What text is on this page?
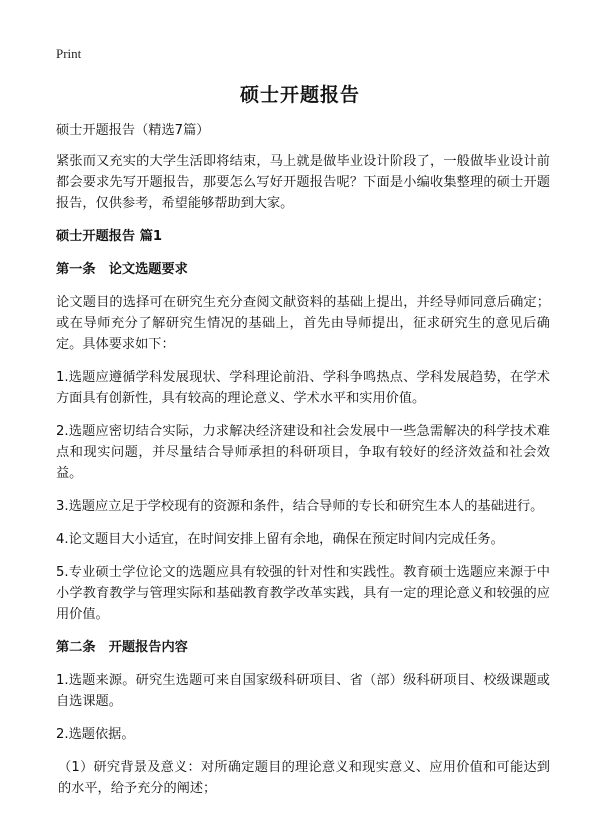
Print
硕士开题报告

硕士开题报告（精选7篇）

紧张而又充实的大学生活即将结束，马上就是做毕业设计阶段了，一般做毕业设计前都会要求先写开题报告，那要怎么写好开题报告呢？下面是小编收集整理的硕士开题报告，仅供参考，希望能够帮助到大家。

硕士开题报告 篇1

第一条　论文选题要求

论文题目的选择可在研究生充分查阅文献资料的基础上提出，并经导师同意后确定；或在导师充分了解研究生情况的基础上，首先由导师提出，征求研究生的意见后确定。具体要求如下：

1.选题应遵循学科发展现状、学科理论前沿、学科争鸣热点、学科发展趋势，在学术方面具有创新性，具有较高的理论意义、学术水平和实用价值。

2.选题应密切结合实际，力求解决经济建设和社会发展中一些急需解决的科学技术难点和现实问题，并尽量结合导师承担的科研项目，争取有较好的经济效益和社会效益。

3.选题应立足于学校现有的资源和条件，结合导师的专长和研究生本人的基础进行。

4.论文题目大小适宜，在时间安排上留有余地，确保在预定时间内完成任务。

5.专业硕士学位论文的选题应具有较强的针对性和实践性。教育硕士选题应来源于中小学教育教学与管理实际和基础教育教学改革实践，具有一定的理论意义和较强的应用价值。

第二条　开题报告内容

1.选题来源。研究生选题可来自国家级科研项目、省（部）级科研项目、校级课题或自选课题。

2.选题依据。

（1）研究背景及意义：对所确定题目的理论意义和现实意义、应用价值和可能达到的水平，给予充分的阐述；
